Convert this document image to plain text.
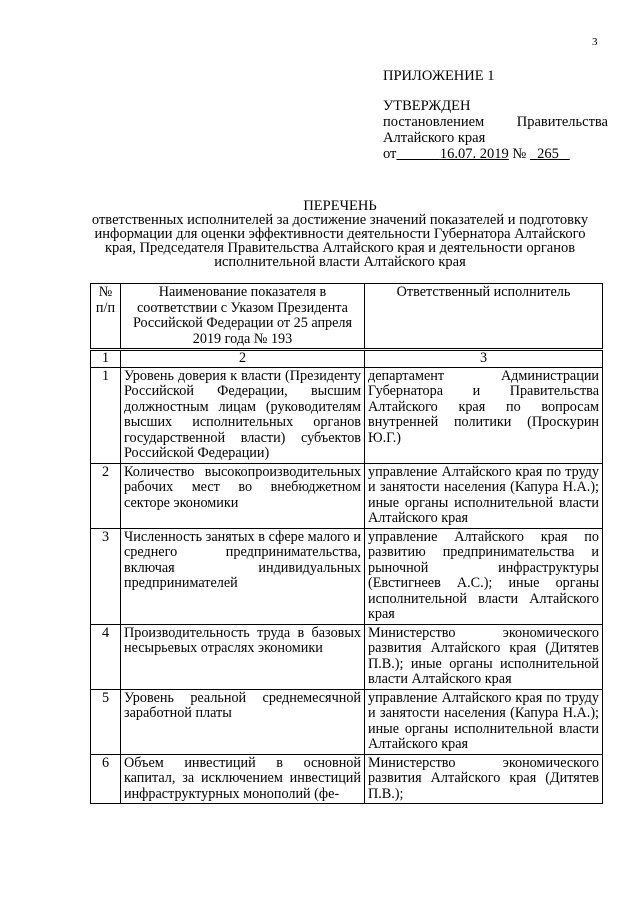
3
ПРИЛОЖЕНИЕ 1
УТВЕРЖДЕН
постановлением Правительства
Алтайского края
от	16.07. 2019 № 265
ПЕРЕЧЕНЬ
ответственных исполнителей за достижение значений показателей и подготовку информации для оценки эффективности деятельности Губернатора Алтайского края, Председателя Правительства Алтайского края и деятельности органов исполнительной власти Алтайского края
№ п/п	Наименование показателя в соответствии с Указом Президента Российской Федерации от 25 апреля 2019 года № 193	Ответственный исполнитель
1	2	3
1	Уровень доверия к власти (Президенту Российской Федерации, высшим должностным лицам (руководителям высших исполнительных органов государственной власти) субъектов Российской Федерации)	департамент Администрации Губернатора и Правительства Алтайского края по вопросам внутренней политики (Проскурин Ю.Г.)
2	Количество высокопроизводительных рабочих мест во внебюджетном секторе экономики	управление Алтайского края по труду и занятости населения (Капура Н.А.); иные органы исполнительной власти Алтайского края
3	Численность занятых в сфере малого и среднего предпринимательства, включая индивидуальных предпринимателей	управление Алтайского края по развитию предпринимательства и рыночной инфраструктуры (Евстигнеев А.С.); иные органы исполнительной власти Алтайского края
4	Производительность труда в базовых несырьевых отраслях экономики	Министерство экономического развития Алтайского края (Дитятев П.В.); иные органы исполнительной власти Алтайского края
5	Уровень реальной среднемесячной заработной платы	управление Алтайского края по труду и занятости населения (Капура Н.А.); иные органы исполнительной власти Алтайского края
6	Объем инвестиций в основной капитал, за исключением инвестиций инфраструктурных монополий (фе-	Министерство экономического развития Алтайского края (Дитятев П.В.);
